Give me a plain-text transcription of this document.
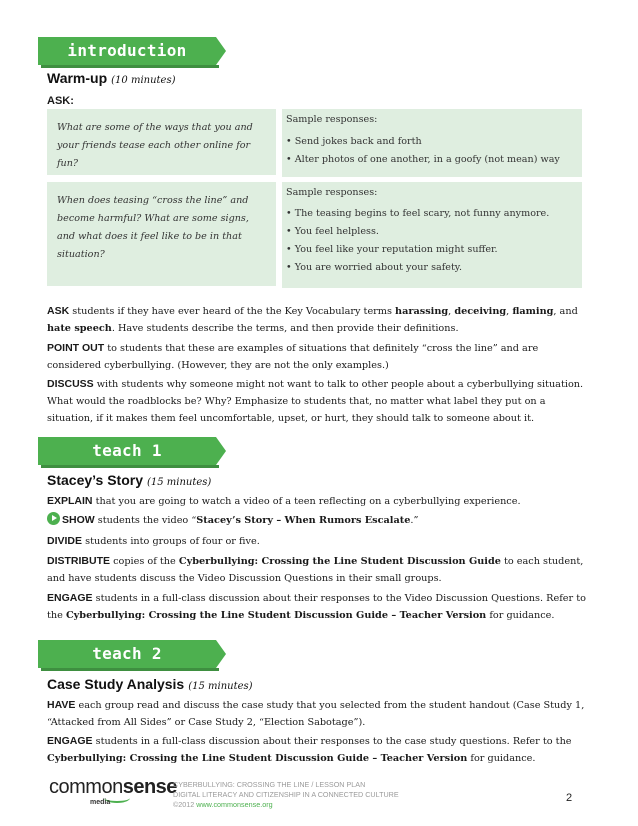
introduction
Warm-up (10 minutes)
ASK:

What are some of the ways that you and your friends tease each other online for fun?

Sample responses:
• Send jokes back and forth
• Alter photos of one another, in a goofy (not mean) way

When does teasing “cross the line” and become harmful? What are some signs, and what does it feel like to be in that situation?

Sample responses:
• The teasing begins to feel scary, not funny anymore.
• You feel helpless.
• You feel like your reputation might suffer.
• You are worried about your safety.
ASK students if they have ever heard of the the Key Vocabulary terms harassing, deceiving, flaming, and hate speech. Have students describe the terms, and then provide their definitions.
POINT OUT to students that these are examples of situations that definitely “cross the line” and are considered cyberbullying. (However, they are not the only examples.)
DISCUSS with students why someone might not want to talk to other people about a cyberbullying situation. What would the roadblocks be? Why? Emphasize to students that, no matter what label they put on a situation, if it makes them feel uncomfortable, upset, or hurt, they should talk to someone about it.
teach 1
Stacey’s Story (15 minutes)
EXPLAIN that you are going to watch a video of a teen reflecting on a cyberbullying experience.
SHOW students the video “Stacey’s Story – When Rumors Escalate.”
DIVIDE students into groups of four or five.
DISTRIBUTE copies of the Cyberbullying: Crossing the Line Student Discussion Guide to each student, and have students discuss the Video Discussion Questions in their small groups.
ENGAGE students in a full-class discussion about their responses to the Video Discussion Questions. Refer to the Cyberbullying: Crossing the Line Student Discussion Guide – Teacher Version for guidance.
teach 2
Case Study Analysis (15 minutes)
HAVE each group read and discuss the case study that you selected from the student handout (Case Study 1, “Attacked from All Sides” or Case Study 2, “Election Sabotage”).
ENGAGE students in a full-class discussion about their responses to the case study questions. Refer to the Cyberbullying: Crossing the Line Student Discussion Guide – Teacher Version for guidance.
commonsense
media
CYBERBULLYING: CROSSING THE LINE / LESSON PLAN
DIGITAL LITERACY AND CITIZENSHIP IN A CONNECTED CULTURE
©2012 www.commonsense.org
2
